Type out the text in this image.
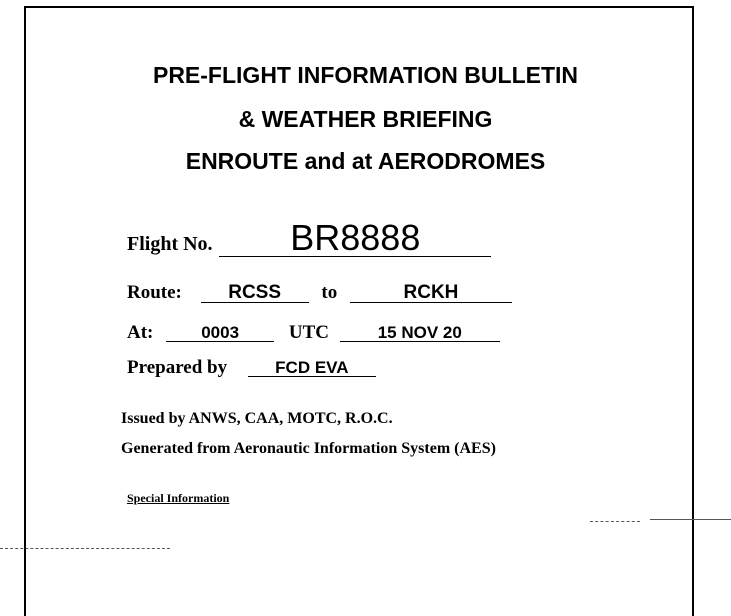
PRE-FLIGHT INFORMATION BULLETIN
& WEATHER BRIEFING
ENROUTE and at AERODROMES
Flight No. BR8888
Route: RCSS to	RCKH
At:	0003	UTC	15 NOV 20
Prepared by	FCD EVA

Issued by ANWS, CAA, MOTC, R.O.C.

Generated from Aeronautic Information System (AES)

Special Information
